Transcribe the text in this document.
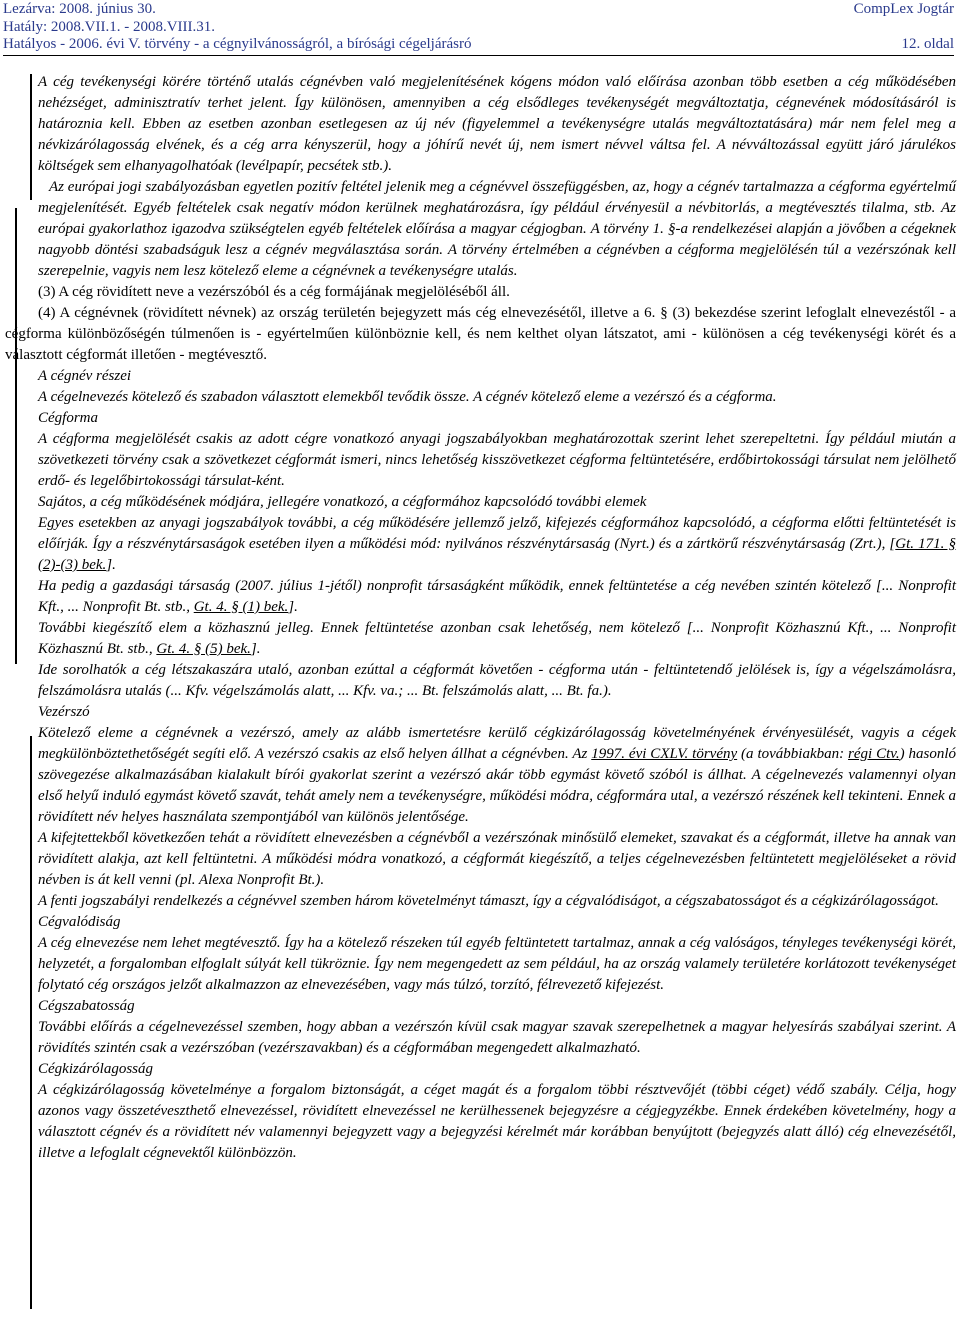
Lezárva: 2008. június 30.
Hatály: 2008.VII.1. - 2008.VIII.31.
Hatályos - 2006. évi V. törvény - a cégnyilvánosságról, a bírósági cégeljárásró
CompLex Jogtár

12. oldal

A cég tevékenységi körére történő utalás cégnévben való megjelenítésének kógens módon való előírása azonban több esetben a cég működésében nehézséget, adminisztratív terhet jelent. Így különösen, amennyiben a cég elsődleges tevékenységét megváltoztatja, cégnevének módosításáról is határoznia kell. Ebben az esetben azonban esetlegesen az új név (figyelemmel a tevékenységre utalás megváltoztatására) már nem felel meg a névkizárólagosság elvének, és a cég arra kényszerül, hogy a jóhírű nevét új, nem ismert névvel váltsa fel. A névváltozással együtt járó járulékos költségek sem elhanyagolhatóak (levélpapír, pecsétek stb.).

Az európai jogi szabályozásban egyetlen pozitív feltétel jelenik meg a cégnévvel összefüggésben, az, hogy a cégnév tartalmazza a cégforma egyértelmű megjelenítését. Egyéb feltételek csak negatív módon kerülnek meghatározásra, így például érvényesül a névbitorlás, a megtévesztés tilalma, stb. Az európai gyakorlathoz igazodva szükségtelen egyéb feltételek előírása a magyar cégjogban. A törvény 1. §-a rendelkezései alapján a jövőben a cégeknek nagyobb döntési szabadságuk lesz a cégnév megválasztása során. A törvény értelmében a cégnévben a cégforma megjelölésén túl a vezérszónak kell szerepelnie, vagyis nem lesz kötelező eleme a cégnévnek a tevékenységre utalás.

(3) A cég rövidített neve a vezérszóból és a cég formájának megjelöléséből áll.

(4) A cégnévnek (rövidített névnek) az ország területén bejegyzett más cég elnevezésétől, illetve a 6. § (3) bekezdése szerint lefoglalt elnevezéstől - a cégforma különbözőségén túlmenően is - egyértelműen különböznie kell, és nem kelthet olyan látszatot, ami - különösen a cég tevékenységi körét és a választott cégformát illetően - megtévesztő.

A cégnév részei

A cégelnevezés kötelező és szabadon választott elemekből tevődik össze. A cégnév kötelező eleme a vezérszó és a cégforma.

Cégforma

A cégforma megjelölését csakis az adott cégre vonatkozó anyagi jogszabályokban meghatározottak szerint lehet szerepeltetni. Így például miután a szövetkezeti törvény csak a szövetkezet cégformát ismeri, nincs lehetőség kisszövetkezet cégforma feltüntetésére, erdőbirtokossági társulat nem jelölhető erdő- és legelőbirtokossági társulat-ként.

Sajátos, a cég működésének módjára, jellegére vonatkozó, a cégformához kapcsolódó további elemek

Egyes esetekben az anyagi jogszabályok további, a cég működésére jellemző jelző, kifejezés cégformához kapcsolódó, a cégforma előtti feltüntetését is előírják. Így a részvénytársaságok esetében ilyen a működési mód: nyilvános részvénytársaság (Nyrt.) és a zártkörű részvénytársaság (Zrt.), [Gt. 171. § (2)-(3) bek.].

Ha pedig a gazdasági társaság (2007. július 1-jétől) nonprofit társaságként működik, ennek feltüntetése a cég nevében szintén kötelező [... Nonprofit Kft., ... Nonprofit Bt. stb., Gt. 4. § (1) bek.].

További kiegészítő elem a közhasznú jelleg. Ennek feltüntetése azonban csak lehetőség, nem kötelező [... Nonprofit Közhasznú Kft., ... Nonprofit Közhasznú Bt. stb., Gt. 4. § (5) bek.].

Ide sorolhatók a cég létszakaszára utaló, azonban ezúttal a cégformát követően - cégforma után - feltüntetendő jelölések is, így a végelszámolásra, felszámolásra utalás (... Kfv. végelszámolás alatt, ... Kfv. va.; ... Bt. felszámolás alatt, ... Bt. fa.).

Vezérszó

Kötelező eleme a cégnévnek a vezérszó, amely az alább ismertetésre kerülő cégkizárólagosság követelményének érvényesülését, vagyis a cégek megkülönböztethetőségét segíti elő. A vezérszó csakis az első helyen állhat a cégnévben. Az 1997. évi CXLV. törvény (a továbbiakban: régi Ctv.) hasonló szövegezése alkalmazásában kialakult bírói gyakorlat szerint a vezérszó akár több egymást követő szóból is állhat. A cégelnevezés valamennyi olyan első helyű induló egymást követő szavát, tehát amely nem a tevékenységre, működési módra, cégformára utal, a vezérszó részének kell tekinteni. Ennek a rövidített név helyes használata szempontjából van különös jelentősége.

A kifejtettekből következően tehát a rövidített elnevezésben a cégnévből a vezérszónak minősülő elemeket, szavakat és a cégformát, illetve ha annak van rövidített alakja, azt kell feltüntetni. A működési módra vonatkozó, a cégformát kiegészítő, a teljes cégelnevezésben feltüntetett megjelöléseket a rövid névben is át kell venni (pl. Alexa Nonprofit Bt.).

A fenti jogszabályi rendelkezés a cégnévvel szemben három követelményt támaszt, így a cégvalódiságot, a cégszabatosságot és a cégkizárólagosságot.

Cégvalódiság

A cég elnevezése nem lehet megtévesztő. Így ha a kötelező részeken túl egyéb feltüntetett tartalmaz, annak a cég valóságos, tényleges tevékenységi körét, helyzetét, a forgalomban elfoglalt súlyát kell tükröznie. Így nem megengedett az sem például, ha az ország valamely területére korlátozott tevékenységet folytató cég országos jelzőt alkalmazzon az elnevezésében, vagy más túlzó, torzító, félrevezető kifejezést.

Cégszabatosság

További előírás a cégelnevezéssel szemben, hogy abban a vezérszón kívül csak magyar szavak szerepelhetnek a magyar helyesírás szabályai szerint. A rövidítés szintén csak a vezérszóban (vezérszavakban) és a cégformában megengedett alkalmazható.

Cégkizárólagosság

A cégkizárólagosság követelménye a forgalom biztonságát, a céget magát és a forgalom többi résztvevőjét (többi céget) védő szabály. Célja, hogy azonos vagy összetéveszthető elnevezéssel, rövidített elnevezéssel ne kerülhessenek bejegyzésre a cégjegyzékbe. Ennek érdekében követelmény, hogy a választott cégnév és a rövidített név valamennyi bejegyzett vagy a bejegyzési kérelmét már korábban benyújtott (bejegyzés alatt álló) cég elnevezésétől, illetve a lefoglalt cégnevektől különbözzön.
